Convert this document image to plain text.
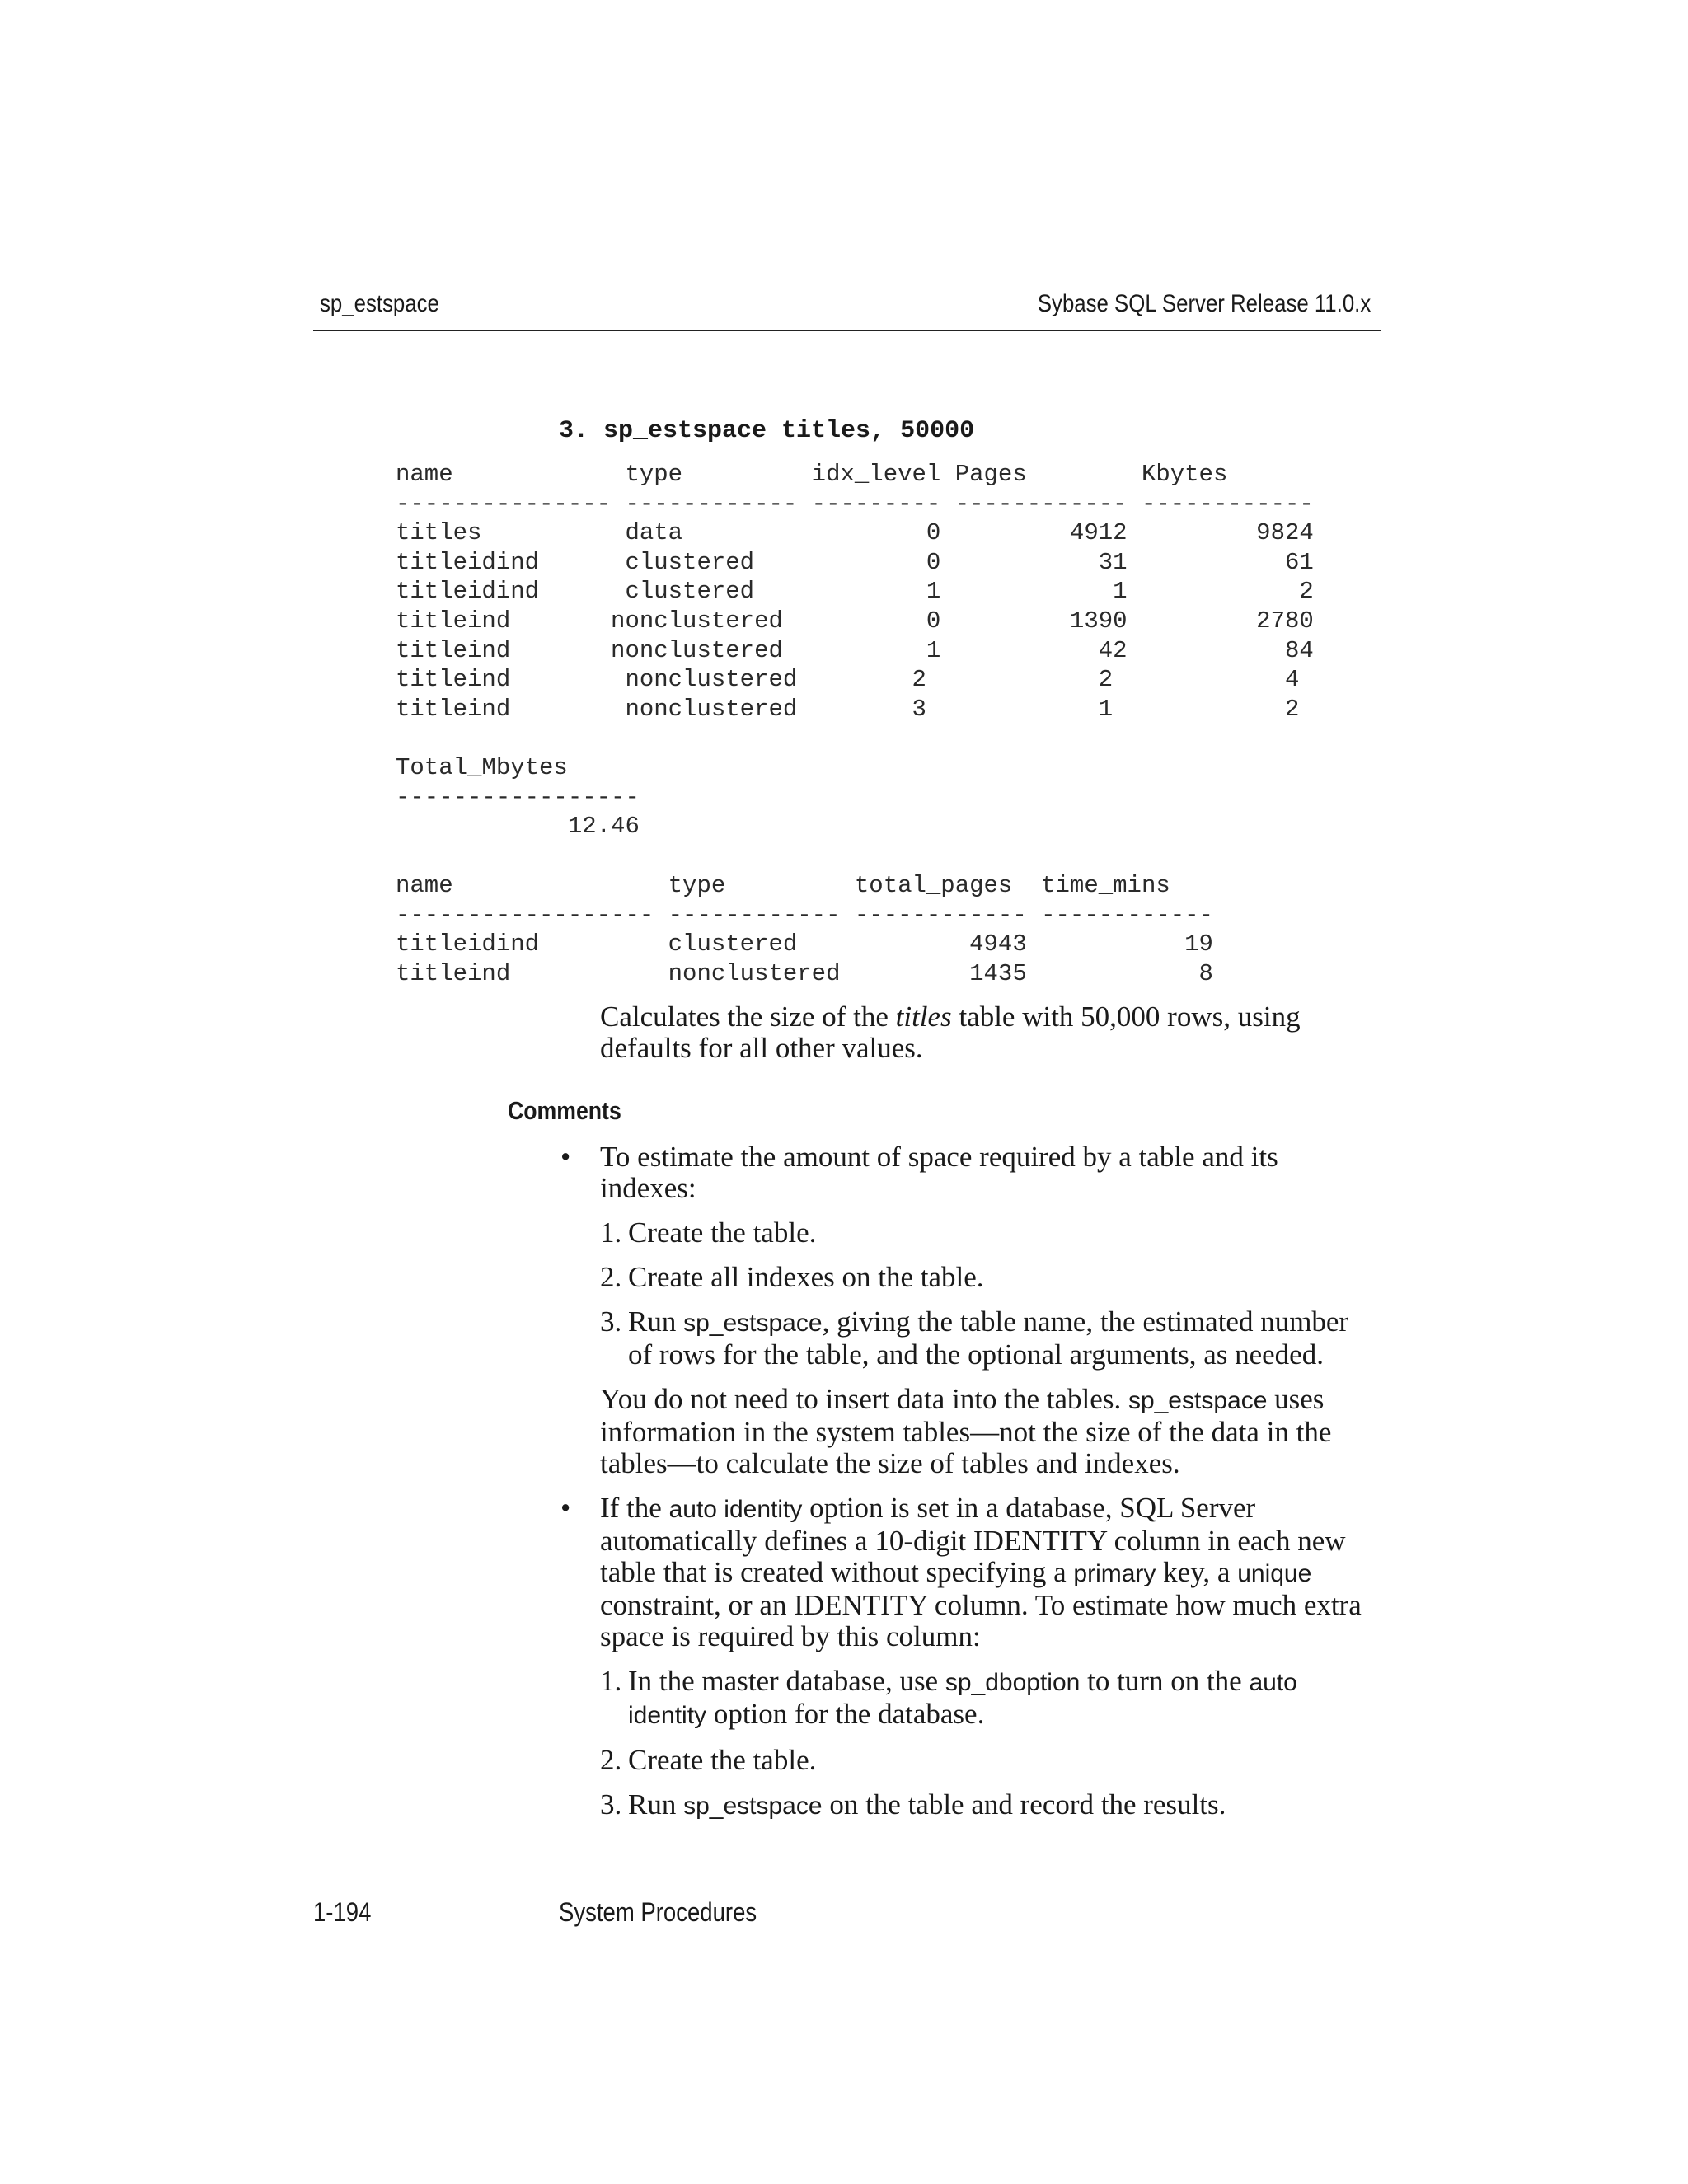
sp_estspace	Sybase SQL Server Release 11.0.x
3. sp_estspace titles, 50000
name            type         idx_level Pages        Kbytes
--------------- ------------ --------- ------------ ------------
titles          data                 0         4912         9824
titleidind      clustered            0           31           61
titleidind      clustered            1            1            2
titleind       nonclustered          0         1390         2780
titleind       nonclustered          1           42           84
titleind        nonclustered        2            2            4
titleind        nonclustered        3            1            2
Total_Mbytes
-----------------
12.46
name               type         total_pages  time_mins
------------------ ------------ ------------ ------------
titleidind         clustered            4943           19
titleind           nonclustered         1435            8

Calculates the size of the titles table with 50,000 rows, using defaults for all other values.

Comments

• To estimate the amount of space required by a table and its indexes:

1. Create the table.
2. Create all indexes on the table.
3. Run sp_estspace, giving the table name, the estimated number of rows for the table, and the optional arguments, as needed.

You do not need to insert data into the tables. sp_estspace uses information in the system tables—not the size of the data in the tables—to calculate the size of tables and indexes.

• If the auto identity option is set in a database, SQL Server automatically defines a 10-digit IDENTITY column in each new table that is created without specifying a primary key, a unique constraint, or an IDENTITY column. To estimate how much extra space is required by this column:

1. In the master database, use sp_dboption to turn on the auto identity option for the database.
2. Create the table.
3. Run sp_estspace on the table and record the results.
1-194	System Procedures
